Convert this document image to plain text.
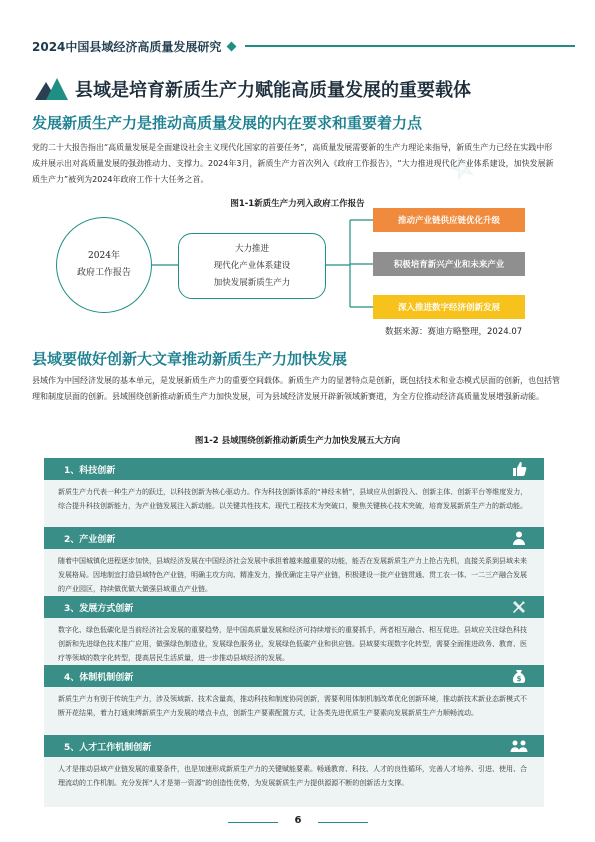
2024中国县域经济高质量发展研究
⛤
县域是培育新质生产力赋能高质量发展的重要载体
发展新质生产力是推动高质量发展的内在要求和重要着力点

党的二十大报告指出“高质量发展是全面建设社会主义现代化国家的首要任务”，高质量发展需要新的生产力理论来指导，新质生产力已经在实践中形成并展示出对高质量发展的强劲推动力、支撑力。2024年3月，新质生产力首次列入《政府工作报告》，“大力推进现代化产业体系建设，加快发展新质生产力”被列为2024年政府工作十大任务之首。

图1-1新质生产力列入政府工作报告
2024年
政府工作报告
大力推进
现代化产业体系建设
加快发展新质生产力
推动产业链供应链优化升级
积极培育新兴产业和未来产业
深入推进数字经济创新发展
数据来源：赛迪方略整理，2024.07
县域要做好创新大文章推动新质生产力加快发展

县域作为中国经济发展的基本单元，是发展新质生产力的重要空间载体。新质生产力的显著特点是创新，既包括技术和业态模式层面的创新，也包括管理和制度层面的创新。县域围绕创新推动新质生产力加快发展，可为县域经济发展开辟新领域新赛道，为全方位推动经济高质量发展增强新动能。

图1-2 县域围绕创新推动新质生产力加快发展五大方向
1、科技创新
新质生产力代表一种生产力的跃迁，以科技创新为核心驱动力。作为科技创新体系的“神经末梢”，县域应从创新投入、创新主体、创新平台等维度发力，综合提升科技创新能力，为产业链发展注入新动能。以关键共性技术、现代工程技术为突破口，聚焦关键核心技术突破，培育发展新质生产力的新动能。
2、产业创新
随着中国城镇化进程逐步加快，县域经济发展在中国经济社会发展中承担着越来越重要的功能，能否在发展新质生产力上抢占先机，直接关系到县域未来发展格局。因地制宜打造县域特色产业链，明确主攻方向、精准发力，操优确定主导产业链，积极建设一批产业链贯通、贯工农一体、一二三产融合发展的产业园区，持续做优做大做强县域重点产业链。
3、发展方式创新
数字化、绿色低碳化是当前经济社会发展的重要趋势，是中国高质量发展和经济可持续增长的重要抓手，两者相互融合、相互促进。县域应关注绿色科技创新和先进绿色技术推广应用，做强绿色制造业，发展绿色服务业，发展绿色低碳产业和供应链。县域要实现数字化转型，需要全面推进政务、教育、医疗等领域的数字化转型，提高居民生活质量，进一步推动县域经济的发展。
4、体制机制创新	$
新质生产力有别于传统生产力，涉及领域新、技术含量高，推动科技和制度协同创新，需要利用体制机制改革优化创新环境，推动新技术新业态新模式不断开花结果，着力打通束缚新质生产力发展的堵点卡点，创新生产要素配置方式，让各类先进优质生产要素向发展新质生产力顺畅流动。
5、人才工作机制创新
人才是推动县域产业链发展的重要条件，也是加速形成新质生产力的关键赋能要素。畅通教育、科技、人才的良性循环，完善人才培养、引进、使用、合理流动的工作机制。充分发挥“人才是第一资源”的创造性优势，为发展新质生产力提供源源不断的创新活力支撑。
6
